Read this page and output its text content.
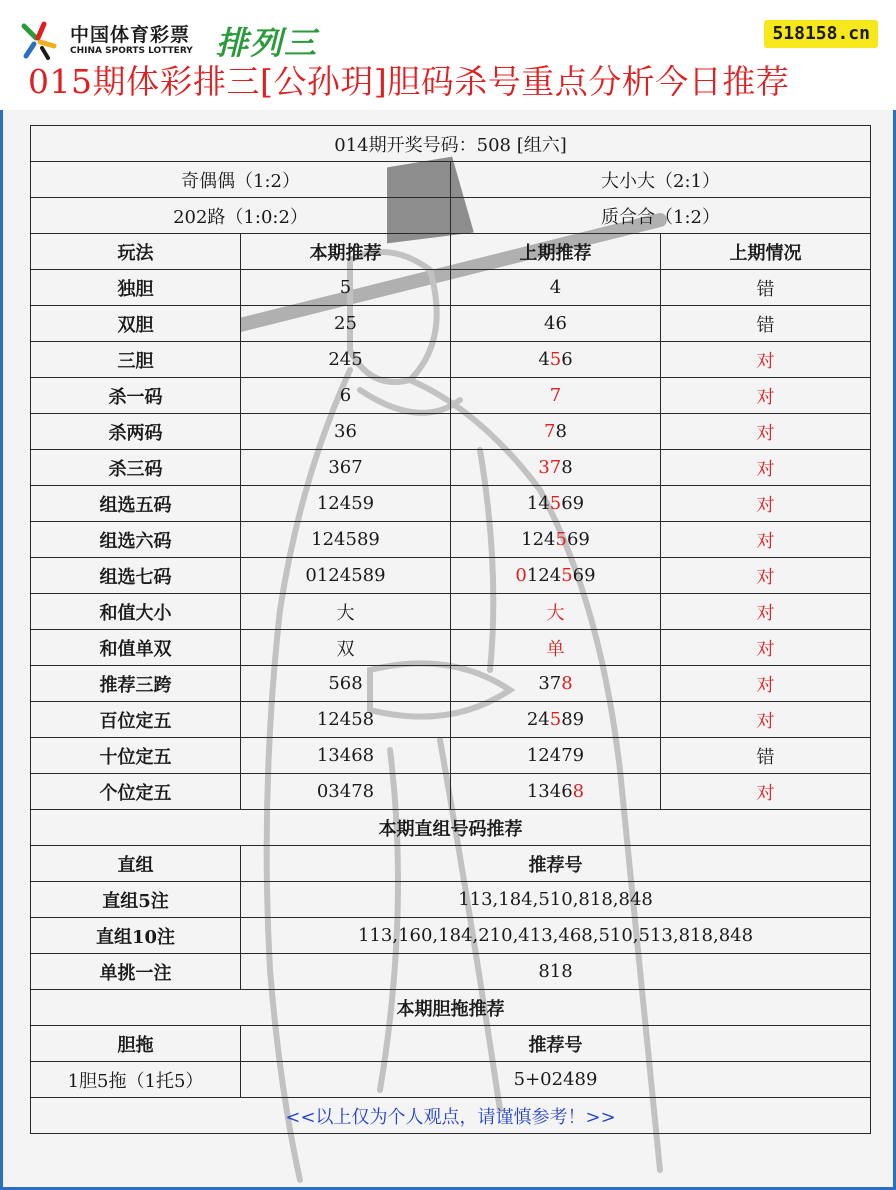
中国体育彩票
CHINA SPORTS LOTTERY 排列三	518158.cn
015期体彩排三[公孙玥]胆码杀号重点分析今日推荐
014期开奖号码：508 [组六]			
奇偶偶（1:2）		大小大（2:1）	
202路（1:0:2）		质合合（1:2）	
玩法	本期推荐	上期推荐	上期情况
独胆	5	4	错
双胆	25	46	错
三胆	245	456	对
杀一码	6	7	对
杀两码	36	78	对
杀三码	367	378	对
组选五码	12459	14569	对
组选六码	124589	124569	对
组选七码	0124589	0124569	对
和值大小	大	大	对
和值单双	双	单	对
推荐三跨	568	378	对
百位定五	12458	24589	对
十位定五	13468	12479	错
个位定五	03478	13468	对
本期直组号码推荐			
直组	推荐号		
直组5注	113,184,510,818,848		
直组10注	113,160,184,210,413,468,510,513,818,848		
单挑一注	818		
本期胆拖推荐			
胆拖	推荐号		
1胆5拖（1托5）	5+02489		
<<以上仅为个人观点，请谨慎参考！>>			
